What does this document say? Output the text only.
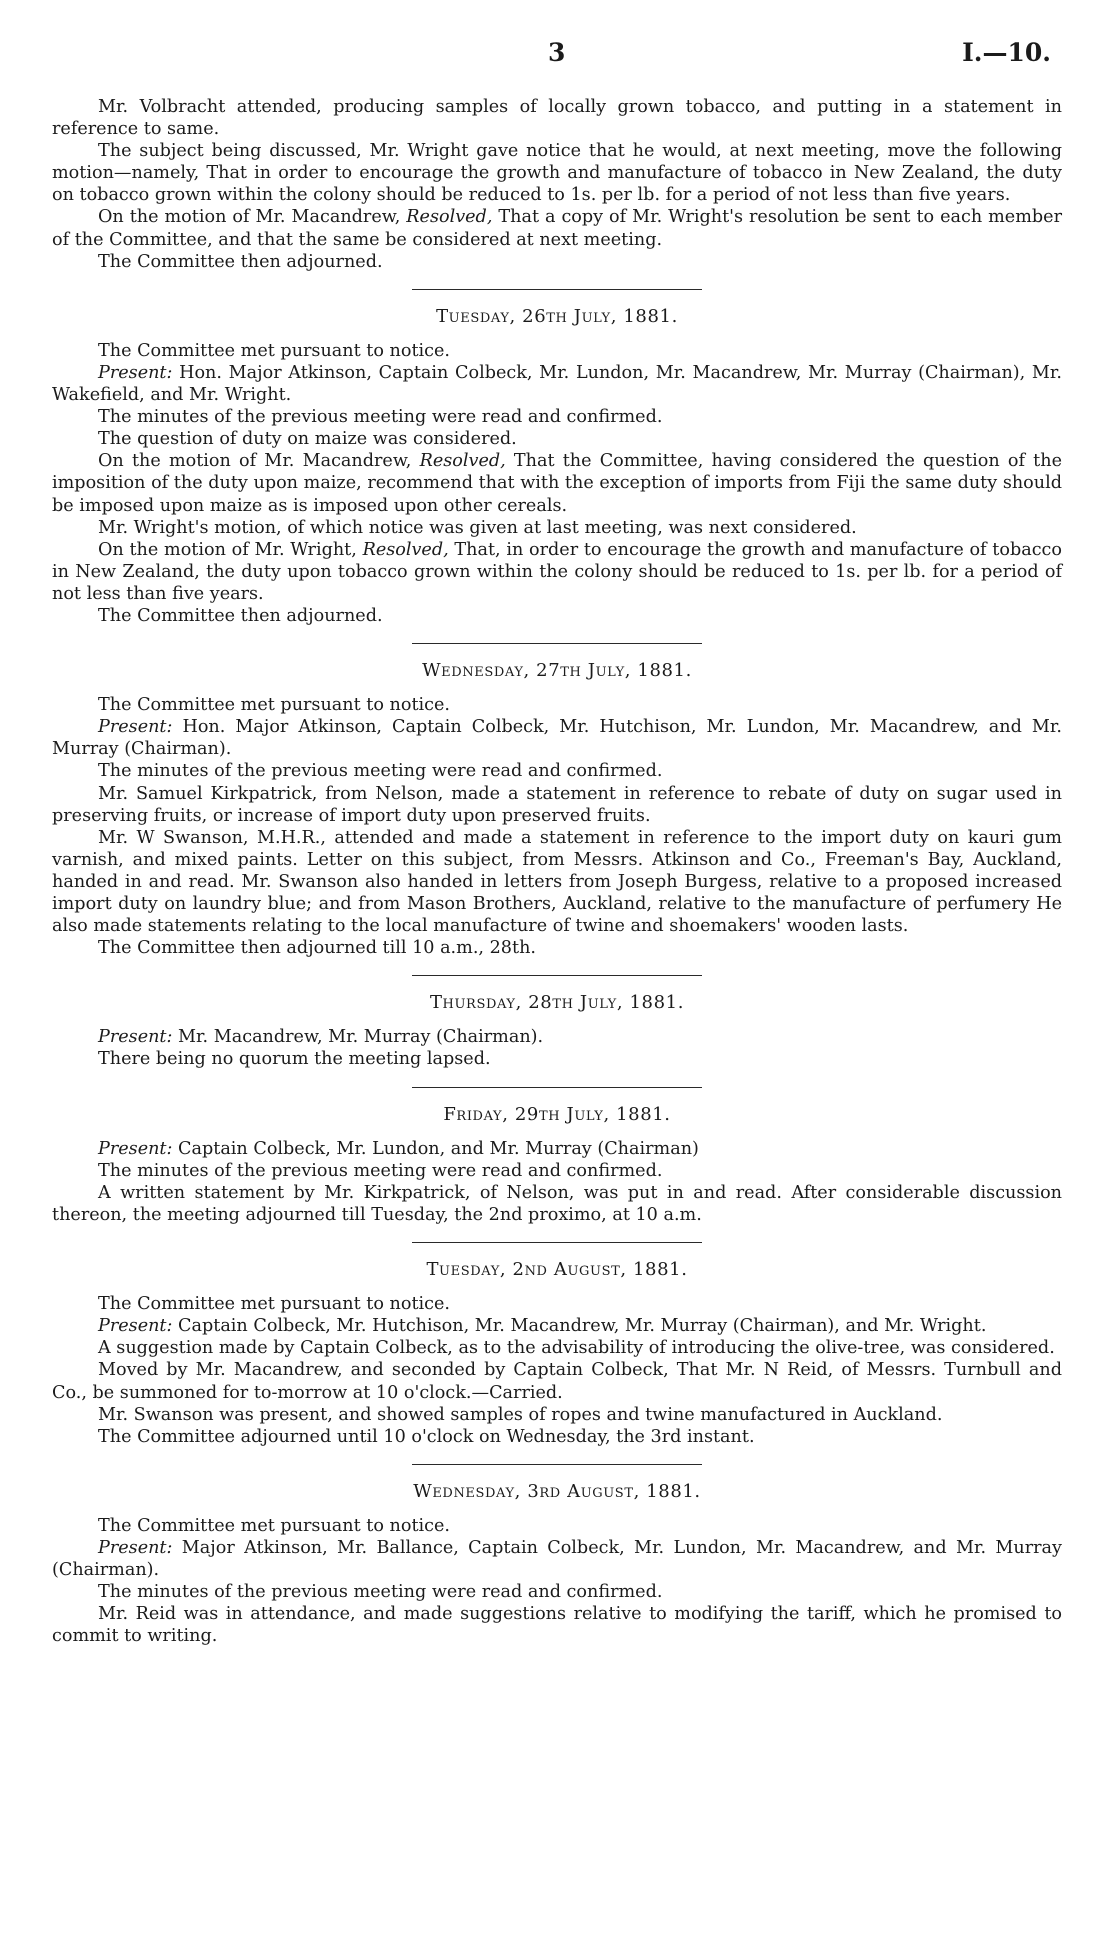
3	I.—10.

Mr. Volbracht attended, producing samples of locally grown tobacco, and putting in a statement in reference to same.

The subject being discussed, Mr. Wright gave notice that he would, at next meeting, move the following motion—namely, That in order to encourage the growth and manufacture of tobacco in New Zealand, the duty on tobacco grown within the colony should be reduced to 1s. per lb. for a period of not less than five years.

On the motion of Mr. Macandrew, Resolved, That a copy of Mr. Wright's resolution be sent to each member of the Committee, and that the same be considered at next meeting.

The Committee then adjourned.

Tuesday, 26th July, 1881.

The Committee met pursuant to notice.

Present: Hon. Major Atkinson, Captain Colbeck, Mr. Lundon, Mr. Macandrew, Mr. Murray (Chairman), Mr. Wakefield, and Mr. Wright.

The minutes of the previous meeting were read and confirmed.

The question of duty on maize was considered.

On the motion of Mr. Macandrew, Resolved, That the Committee, having considered the question of the imposition of the duty upon maize, recommend that with the exception of imports from Fiji the same duty should be imposed upon maize as is imposed upon other cereals.

Mr. Wright's motion, of which notice was given at last meeting, was next considered.

On the motion of Mr. Wright, Resolved, That, in order to encourage the growth and manufacture of tobacco in New Zealand, the duty upon tobacco grown within the colony should be reduced to 1s. per lb. for a period of not less than five years.

The Committee then adjourned.

Wednesday, 27th July, 1881.

The Committee met pursuant to notice.

Present: Hon. Major Atkinson, Captain Colbeck, Mr. Hutchison, Mr. Lundon, Mr. Macandrew, and Mr. Murray (Chairman).

The minutes of the previous meeting were read and confirmed.

Mr. Samuel Kirkpatrick, from Nelson, made a statement in reference to rebate of duty on sugar used in preserving fruits, or increase of import duty upon preserved fruits.

Mr. W Swanson, M.H.R., attended and made a statement in reference to the import duty on kauri gum varnish, and mixed paints. Letter on this subject, from Messrs. Atkinson and Co., Freeman's Bay, Auckland, handed in and read. Mr. Swanson also handed in letters from Joseph Burgess, relative to a proposed increased import duty on laundry blue; and from Mason Brothers, Auckland, relative to the manufacture of perfumery He also made statements relating to the local manufacture of twine and shoemakers' wooden lasts.

The Committee then adjourned till 10 a.m., 28th.

Thursday, 28th July, 1881.

Present: Mr. Macandrew, Mr. Murray (Chairman).

There being no quorum the meeting lapsed.

Friday, 29th July, 1881.

Present: Captain Colbeck, Mr. Lundon, and Mr. Murray (Chairman)

The minutes of the previous meeting were read and confirmed.

A written statement by Mr. Kirkpatrick, of Nelson, was put in and read. After considerable discussion thereon, the meeting adjourned till Tuesday, the 2nd proximo, at 10 a.m.

Tuesday, 2nd August, 1881.

The Committee met pursuant to notice.

Present: Captain Colbeck, Mr. Hutchison, Mr. Macandrew, Mr. Murray (Chairman), and Mr. Wright.

A suggestion made by Captain Colbeck, as to the advisability of introducing the olive-tree, was considered.

Moved by Mr. Macandrew, and seconded by Captain Colbeck, That Mr. N Reid, of Messrs. Turnbull and Co., be summoned for to-morrow at 10 o'clock.—Carried.

Mr. Swanson was present, and showed samples of ropes and twine manufactured in Auckland.

The Committee adjourned until 10 o'clock on Wednesday, the 3rd instant.

Wednesday, 3rd August, 1881.

The Committee met pursuant to notice.

Present: Major Atkinson, Mr. Ballance, Captain Colbeck, Mr. Lundon, Mr. Macandrew, and Mr. Murray (Chairman).

The minutes of the previous meeting were read and confirmed.

Mr. Reid was in attendance, and made suggestions relative to modifying the tariff, which he promised to commit to writing.
